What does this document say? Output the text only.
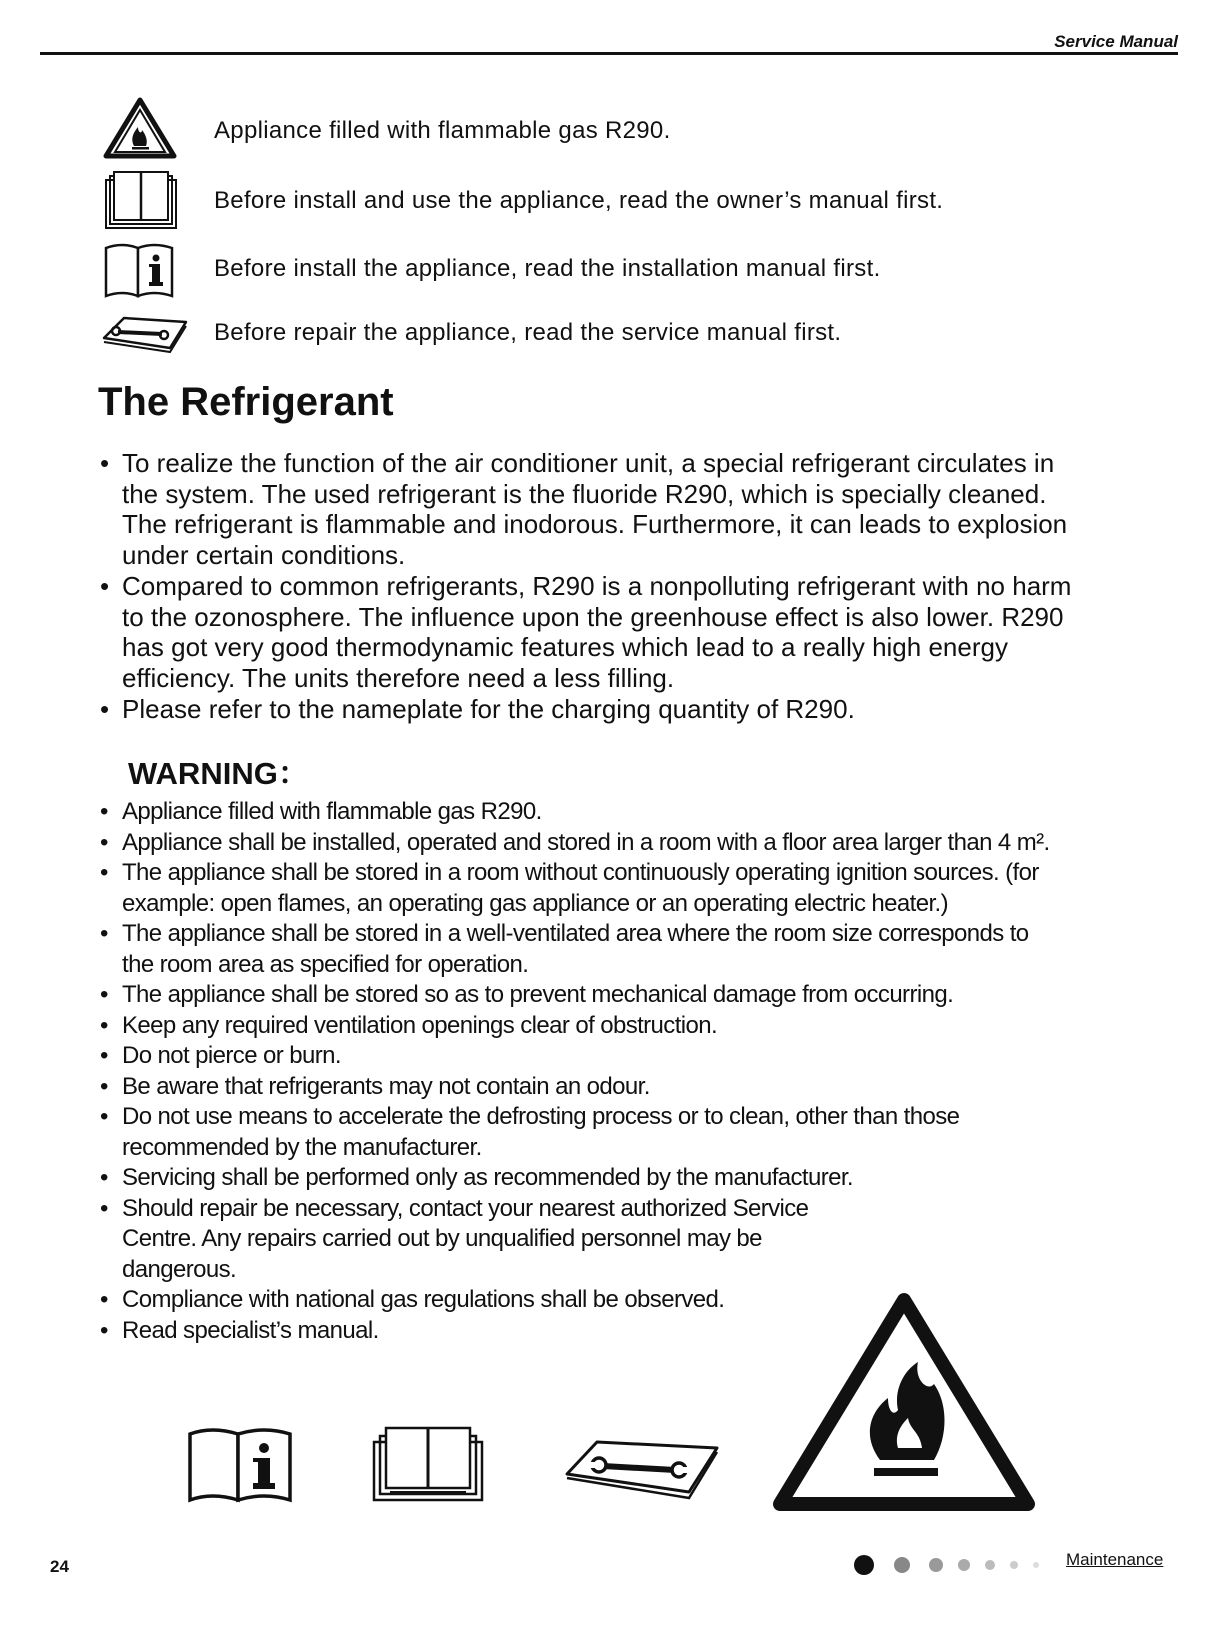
Service Manual
Appliance filled with flammable gas R290.
Before install and use the appliance, read the owner’s manual first.
Before install the appliance, read the installation manual first.
Before repair the appliance, read the service manual first.
The Refrigerant
• To realize the function of the air conditioner unit, a special refrigerant circulates in the system. The used refrigerant is the fluoride R290, which is specially cleaned. The refrigerant is flammable and inodorous. Furthermore, it can leads to explosion under certain conditions.
• Compared to common refrigerants, R290 is a nonpolluting refrigerant with no harm to the ozonosphere. The influence upon the greenhouse effect is also lower. R290 has got very good thermodynamic features which lead to a really high energy efficiency. The units therefore need a less filling.
• Please refer to the nameplate for the charging quantity of R290.
WARNING：
• Appliance filled with flammable gas R290.
• Appliance shall be installed, operated and stored in a room with a floor area larger than 4 m².
• The appliance shall be stored in a room without continuously operating ignition sources. (for example: open flames, an operating gas appliance or an operating electric heater.)
• The appliance shall be stored in a well-ventilated area where the room size corresponds to the room area as specified for operation.
• The appliance shall be stored so as to prevent mechanical damage from occurring.
• Keep any required ventilation openings clear of obstruction.
• Do not pierce or burn.
• Be aware that refrigerants may not contain an odour.
• Do not use means to accelerate the defrosting process or to clean, other than those recommended by the manufacturer.
• Servicing shall be performed only as recommended by the manufacturer.
• Should repair be necessary, contact your nearest authorized Service Centre. Any repairs carried out by unqualified personnel may be dangerous.
• Compliance with national gas regulations shall be observed.
• Read specialist’s manual.
24	Maintenance
